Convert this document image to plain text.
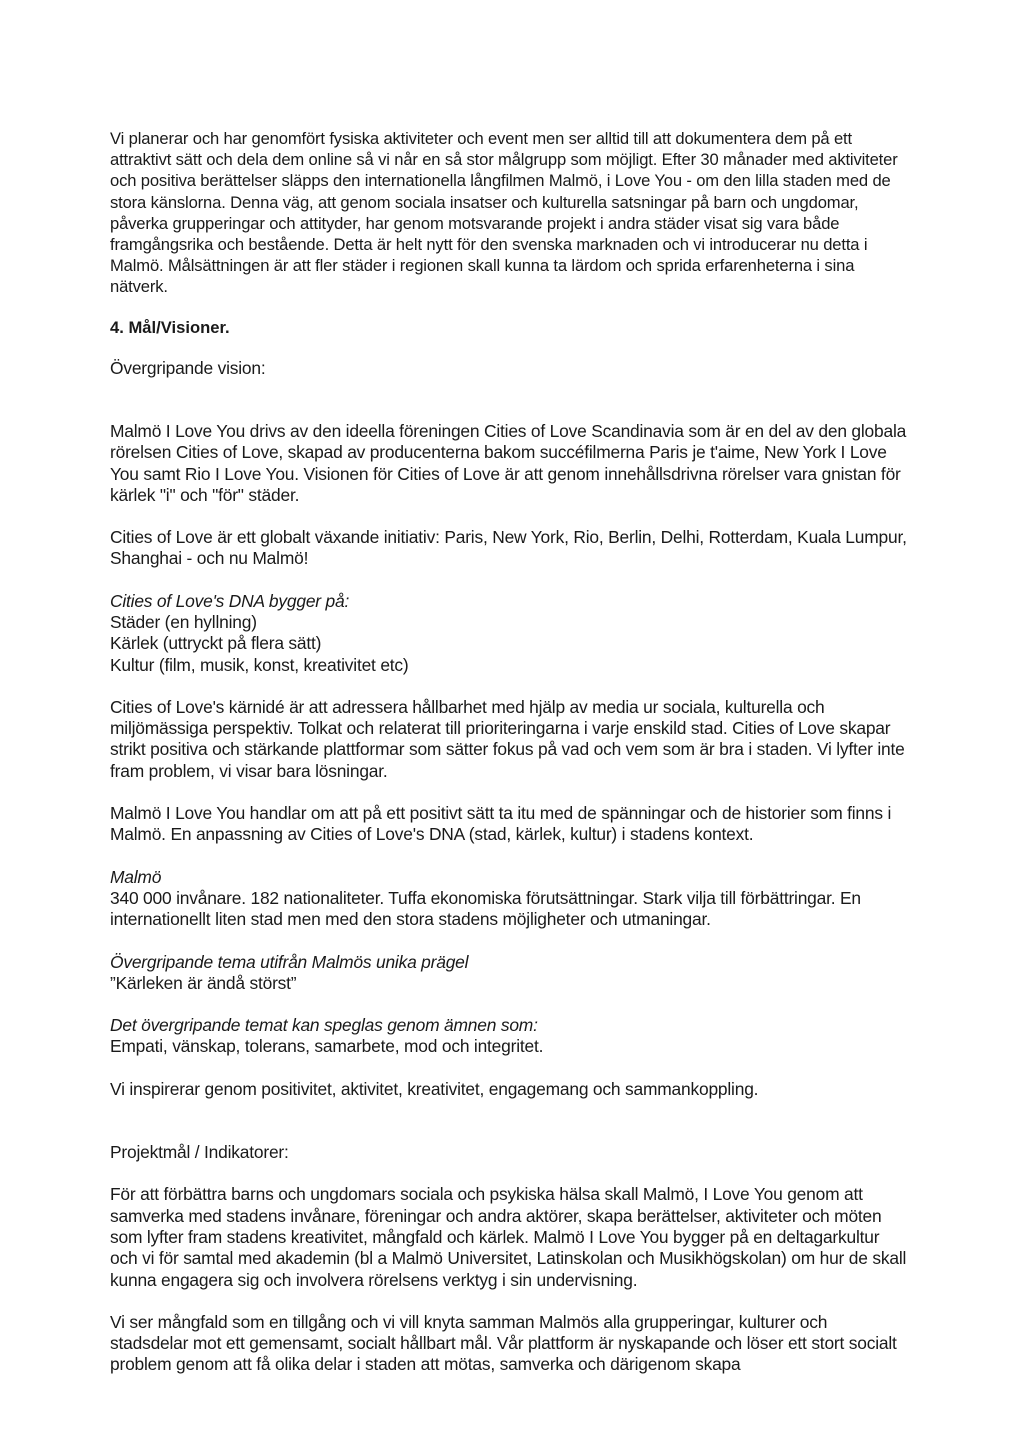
Vi planerar och har genomfört fysiska aktiviteter och event men ser alltid till att dokumentera dem på ett attraktivt sätt och dela dem online så vi når en så stor målgrupp som möjligt. Efter 30 månader med aktiviteter och positiva berättelser släpps den internationella långfilmen Malmö, i Love You - om den lilla staden med de stora känslorna. Denna väg, att genom sociala insatser och kulturella satsningar på barn och ungdomar, påverka grupperingar och attityder, har genom motsvarande projekt i andra städer visat sig vara både framgångsrika och bestående. Detta är helt nytt för den svenska marknaden och vi introducerar nu detta i Malmö. Målsättningen är att fler städer i regionen skall kunna ta lärdom och sprida erfarenheterna i sina nätverk.

4. Mål/Visioner.

Övergripande vision:

Malmö I Love You drivs av den ideella föreningen Cities of Love Scandinavia som är en del av den globala rörelsen Cities of Love, skapad av producenterna bakom succéfilmerna Paris je t'aime, New York I Love You samt Rio I Love You. Visionen för Cities of Love är att genom innehållsdrivna rörelser vara gnistan för kärlek "i" och "för" städer.

Cities of Love är ett globalt växande initiativ: Paris, New York, Rio, Berlin, Delhi, Rotterdam, Kuala Lumpur, Shanghai - och nu Malmö!

Cities of Love's DNA bygger på:
Städer (en hyllning)
Kärlek (uttryckt på flera sätt)
Kultur (film, musik, konst, kreativitet etc)

Cities of Love's kärnidé är att adressera hållbarhet med hjälp av media ur sociala, kulturella och miljömässiga perspektiv. Tolkat och relaterat till prioriteringarna i varje enskild stad. Cities of Love skapar strikt positiva och stärkande plattformar som sätter fokus på vad och vem som är bra i staden. Vi lyfter inte fram problem, vi visar bara lösningar.

Malmö I Love You handlar om att på ett positivt sätt ta itu med de spänningar och de historier som finns i Malmö. En anpassning av Cities of Love's DNA (stad, kärlek, kultur) i stadens kontext.

Malmö
340 000 invånare. 182 nationaliteter. Tuffa ekonomiska förutsättningar. Stark vilja till förbättringar. En internationellt liten stad men med den stora stadens möjligheter och utmaningar.

Övergripande tema utifrån Malmös unika prägel
”Kärleken är ändå störst”

Det övergripande temat kan speglas genom ämnen som:
Empati, vänskap, tolerans, samarbete, mod och integritet.

Vi inspirerar genom positivitet, aktivitet, kreativitet, engagemang och sammankoppling.

Projektmål / Indikatorer:

För att förbättra barns och ungdomars sociala och psykiska hälsa skall Malmö, I Love You genom att samverka med stadens invånare, föreningar och andra aktörer, skapa berättelser, aktiviteter och möten som lyfter fram stadens kreativitet, mångfald och kärlek. Malmö I Love You bygger på en deltagarkultur och vi för samtal med akademin (bl a Malmö Universitet, Latinskolan och Musikhögskolan) om hur de skall kunna engagera sig och involvera rörelsens verktyg i sin undervisning.

Vi ser mångfald som en tillgång och vi vill knyta samman Malmös alla grupperingar, kulturer och stadsdelar mot ett gemensamt, socialt hållbart mål. Vår plattform är nyskapande och löser ett stort socialt problem genom att få olika delar i staden att mötas, samverka och därigenom skapa
